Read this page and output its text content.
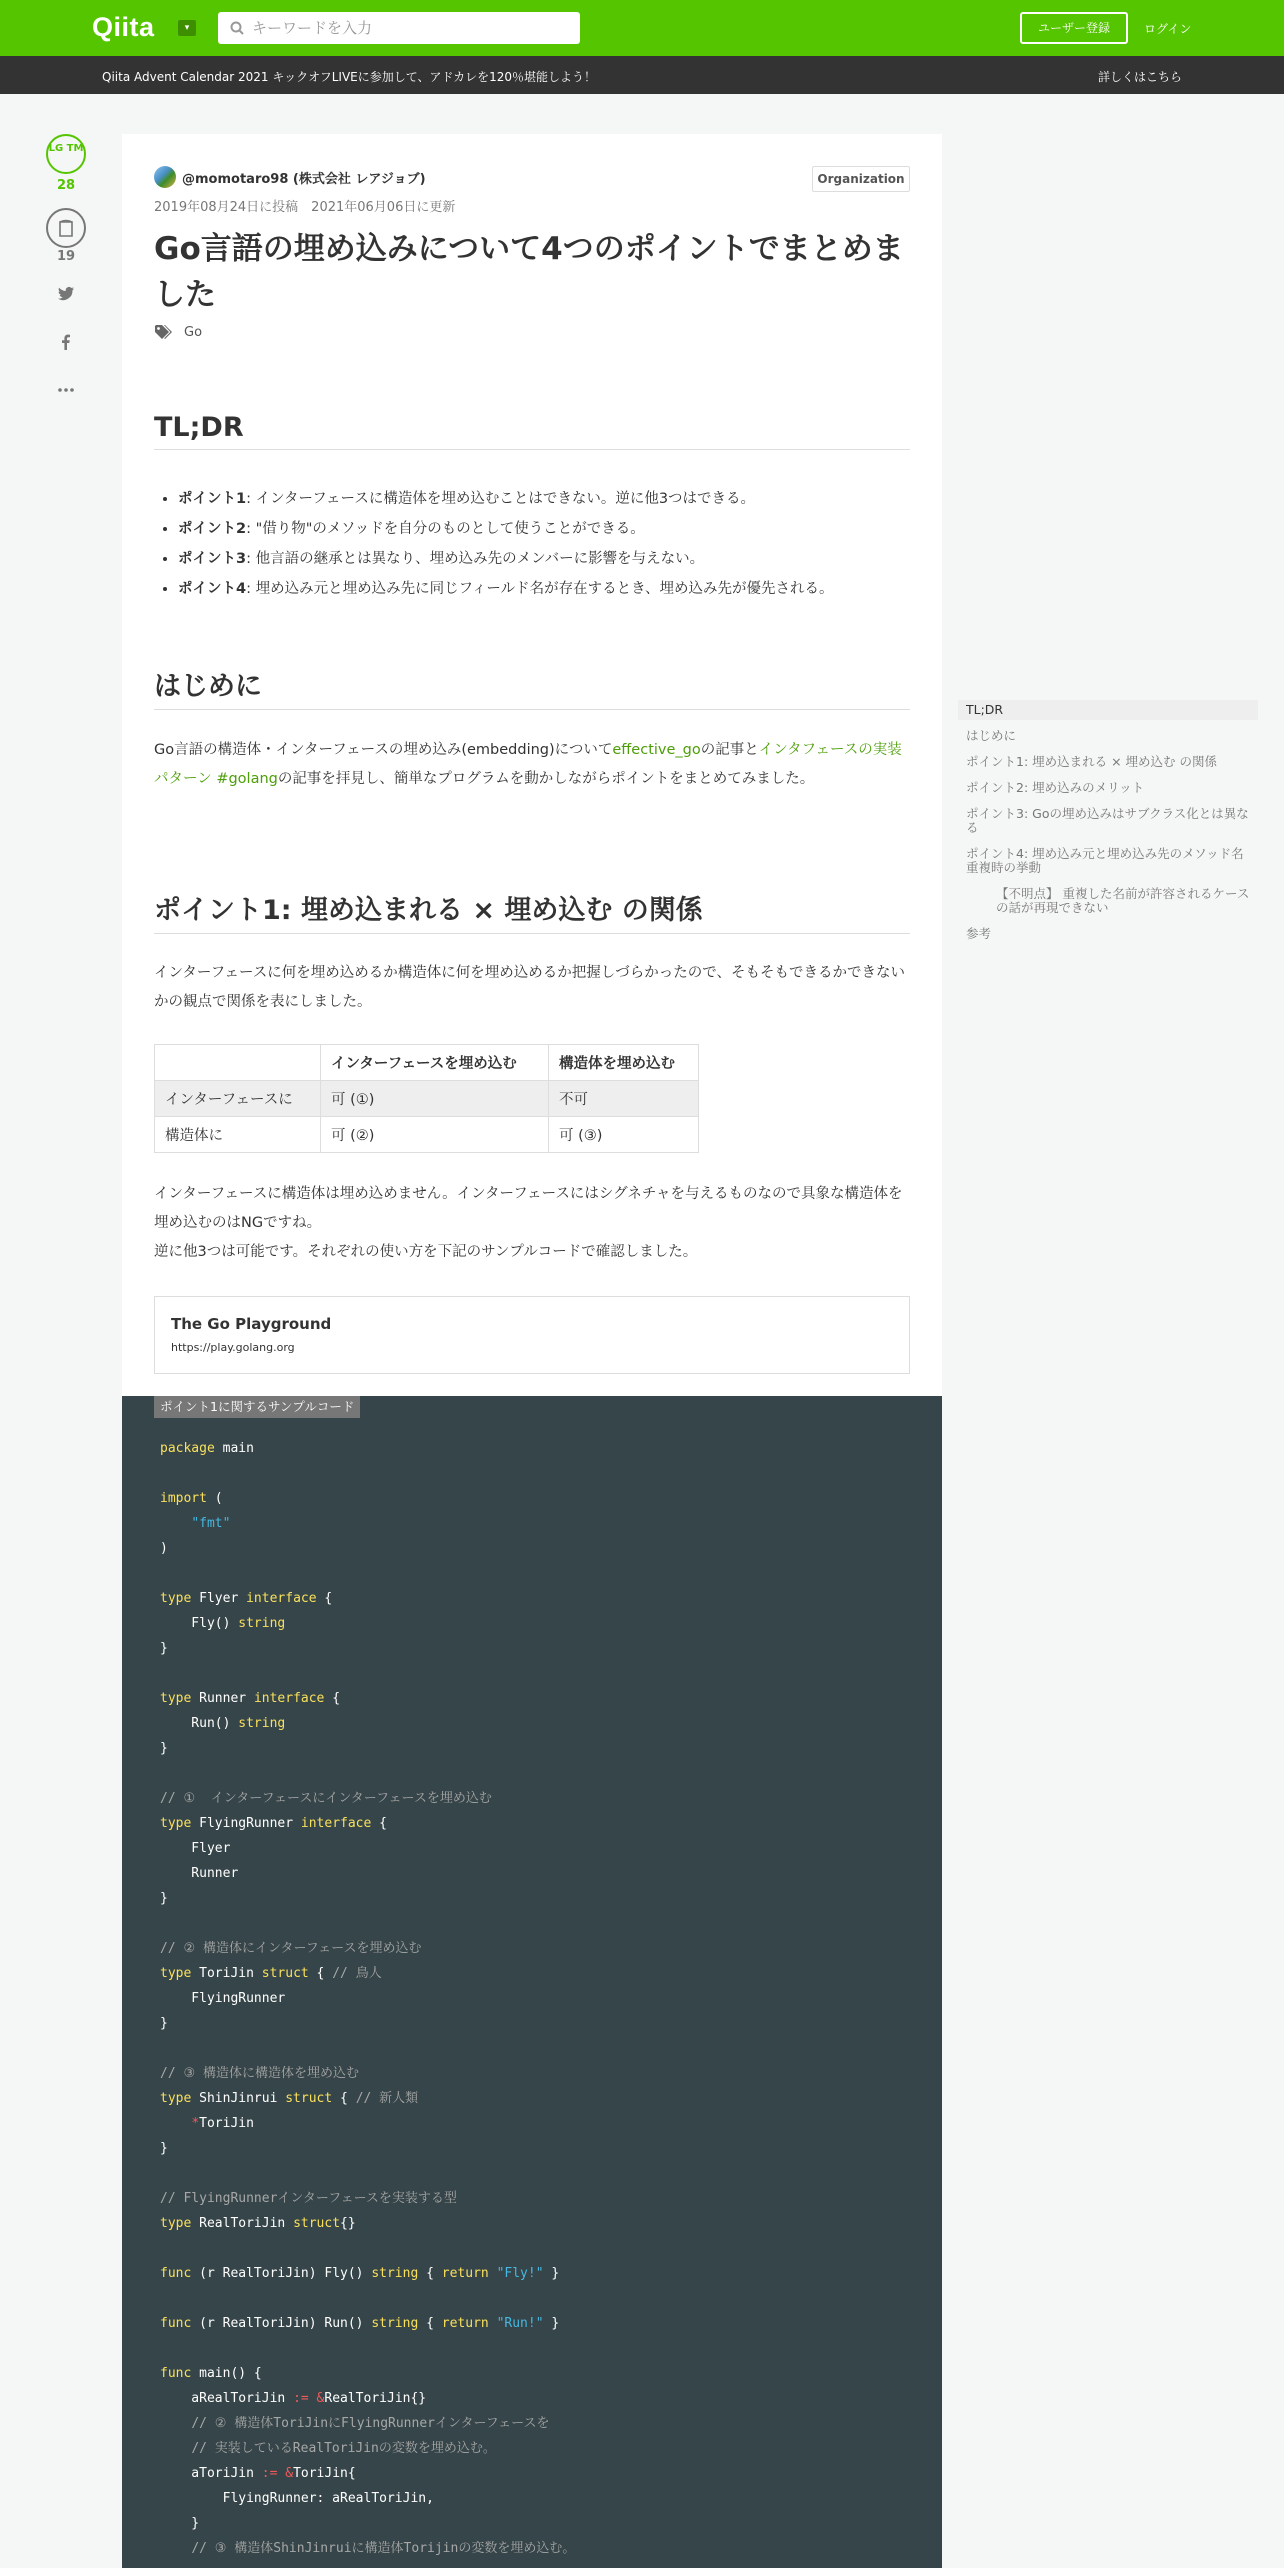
Qiita	▾
キーワードを入力	ユーザー登録	ログイン
Qiita Advent Calendar 2021 キックオフLIVEに参加して、アドカレを120％堪能しよう！	詳しくはこちら
LG TM
28
19
@momotaro98 (株式会社 レアジョブ)	Organization
2019年08月24日に投稿　2021年06月06日に更新
Go言語の埋め込みについて4つのポイントでまとめました
Go
TL;DR
• ポイント1: インターフェースに構造体を埋め込むことはできない。逆に他3つはできる。
• ポイント2: "借り物"のメソッドを自分のものとして使うことができる。
• ポイント3: 他言語の継承とは異なり、埋め込み先のメンバーに影響を与えない。
• ポイント4: 埋め込み元と埋め込み先に同じフィールド名が存在するとき、埋め込み先が優先される。
はじめに

Go言語の構造体・インターフェースの埋め込み(embedding)についてeffective_goの記事とインタフェースの実装パターン #golangの記事を拝見し、簡単なプログラムを動かしながらポイントをまとめてみました。

ポイント1: 埋め込まれる × 埋め込む の関係

インターフェースに何を埋め込めるか構造体に何を埋め込めるか把握しづらかったので、そもそもできるかできないかの観点で関係を表にしました。

	インターフェースを埋め込む	構造体を埋め込む
インターフェースに	可 (①)	不可
構造体に	可 (②)	可 (③)

インターフェースに構造体は埋め込めません。インターフェースにはシグネチャを与えるものなので具象な構造体を埋め込むのはNGですね。
逆に他3つは可能です。それぞれの使い方を下記のサンプルコードで確認しました。

The Go Playground
https://play.golang.org
ポイント1に関するサンプルコード
package main

import (
"fmt"
)

type Flyer interface {
Fly() string
}

type Runner interface {
Run() string
}

// ①  インターフェースにインターフェースを埋め込む
type FlyingRunner interface {
Flyer
Runner
}

// ② 構造体にインターフェースを埋め込む
type ToriJin struct { // 鳥人
FlyingRunner
}

// ③ 構造体に構造体を埋め込む
type ShinJinrui struct { // 新人類
*ToriJin
}

// FlyingRunnerインターフェースを実装する型
type RealToriJin struct{}

func (r RealToriJin) Fly() string { return "Fly!" }

func (r RealToriJin) Run() string { return "Run!" }

func main() {
aRealToriJin := &RealToriJin{}
// ② 構造体ToriJinにFlyingRunnerインターフェースを
// 実装しているRealToriJinの変数を埋め込む。
aToriJin := &ToriJin{
FlyingRunner: aRealToriJin,
}
// ③ 構造体ShinJinruiに構造体Torijinの変数を埋め込む。
TL;DR
はじめに
ポイント1: 埋め込まれる × 埋め込む の関係
ポイント2: 埋め込みのメリット
ポイント3: Goの埋め込みはサブクラス化とは異なる
ポイント4: 埋め込み元と埋め込み先のメソッド名重複時の挙動
【不明点】 重複した名前が許容されるケースの話が再現できない
参考
